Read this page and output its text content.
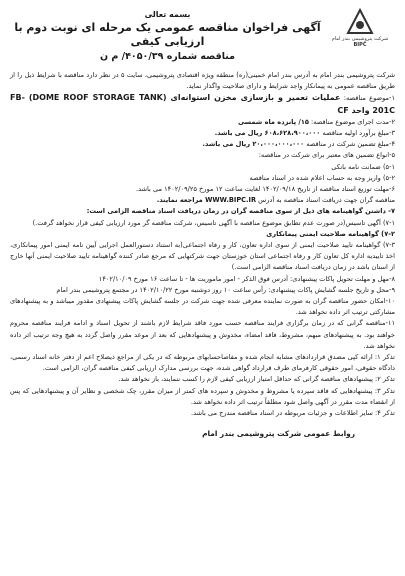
شرکت پتروشیمی بندر امام
BIPC
بسمه تعالی
آگهی فراخوان مناقصه عمومی یک مرحله ای نوبت دوم با ارزیابی کیفی
مناقصه شماره ۴۰۵۰/۳۹/ م ن

شرکت پتروشیمی بندر امام به آدرس بندر امام خمینی(ره) منطقه ویژه اقتصادی پتروشیمی، سایت ۵ در نظر دارد مناقصه با شرایط ذیل را از طریق مناقصه عمومی به پیمانکار واجد شرایط و دارای صلاحیت واگذار نماید.

۱-موضوع مناقصه: عملیات تعمیر و بازسازی مخزن استوانه‌ای (DOME ROOF STORAGE TANK) FB-201C واحد CF

۲-مدت اجرای موضوع مناقصه: ۱۵/ پانزده ماه شمسی

۳-مبلغ برآورد اولیه مناقصه ۶۰۸،۶۲۸،۹۰۰،۰۰۰ ریال می باشد.

۴-مبلغ تضمین شرکت در مناقصه ۲۰،۰۰۰،۰۰۰،۰۰۰ ریال می باشد.

۵-انواع تضمین های معتبر برای شرکت در مناقصه:

۵-۱) ضمانت نامه بانکی

۵-۲) واریز وجه به حساب اعلام شده در اسناد مناقصه

۶-مهلت توزیع اسناد مناقصه از تاریخ ۱۴۰۲/۰۹/۱۸ لغایت ساعت ۱۲ مورخ ۱۴۰۲/۰۹/۲۵ می باشد.

مناقصه گران جهت دریافت اسناد مناقصه به آدرس WWW.BIPC.IR مراجعه نمایند.

۷- داشتن گواهینامه های ذیل از سوی مناقصه گران در زمان دریافت اسناد مناقصه الزامی است:

۷-۱) آگهی تاسیس(در صورت عدم تطابق موضوع مناقصه با آگهی تاسیس، شرکت مناقصه گر مورد ارزیابی کیفی قرار نخواهد گرفت.)

۷-۲) گواهینامه صلاحیت ایمنی پیمانکاری

۷-۳) گواهینامه تایید صلاحیت ایمنی از سوی اداره تعاون، کار و رفاه اجتماعی(به استناد دستورالعمل اجرایی آیین نامه ایمنی امور پیمانکاری، اخذ تاییدیه اداره کل تعاون کار و رفاه اجتماعی استان خوزستان جهت شرکتهایی که مرجع صادر کننده گواهینامه تایید صلاحیت ایمنی آنها خارج از استان باشد در زمان دریافت اسناد مناقصه الزامی است.)

۸-مهل و مهلت تحویل پاکات پیشنهادی: آدرس فوق الذکر - امور ماموریت ها - تا ساعت ۱۶ مورخ ۱۴۰۲/۱۰/۰۹

۹-محل و تاریخ جلسه گشایش پاکات پیشنهادی: رأس ساعت ۱۰ روز دوشنبه مورخ ۱۴۰۲/۱۰/۲۲ در مجتمع پتروشیمی بندر امام

۱۰-امکان حضور مناقصه گران به صورت نماینده معرفی شده جهت شرکت در جلسه گشایش پاکات پیشنهادی مقدور میباشد و به پیشنهادهای مشارکتی ترتیب اثر داده نخواهد شد.

۱۱-مناقصه گرانی که در زمان برگزاری فرایند مناقصه حسب مورد فاقد شرایط لازم باشند از تحویل اسناد و ادامه فرایند مناقصه محروم خواهند بود. به پیشنهادهای مبهم، مشروط، فاقد امضاء، مخدوش و پیشنهادهایی که بعد از موعد مقرر واصل گردد به هیچ وجه ترتیب اثر داده نخواهد شد.

تذکر ۱: ارائه کپی مصدق قراردادهای مشابه انجام شده و مفاصاحسابهای مربوطه که در یکی از مراجع ذیصلاح اعم از دفتر خانه اسناد رسمی، دادگاه حقوقی، امور حقوقی کارفرمای طرف قرارداد گواهی شده، جهت بررسی مدارک ارزیابی کیفی مناقصه گران، الزامی است.

تذکر ۲: پیشنهادهای مناقصه گرانی که حداقل امتیاز ارزیابی کیفی لازم را کسب ننمایند، باز نخواهد شد.

تذکر ۳: پیشنهادهایی که فاقد سپرده یا مشروط و مخدوش و سپرده های کمتر از میزان مقرر، چک شخصی و نظایر آن و پیشنهادهایی که پس از انقضاء مدت مقرر در آگهی واصل شود مطلقاً ترتیب اثر داده نخواهد شد.

تذکر ۴: سایر اطلاعات و جزئیات مربوطه در اسناد مناقصه مندرج می باشد.

روابط عمومی شرکت پتروشیمی بندر امام
